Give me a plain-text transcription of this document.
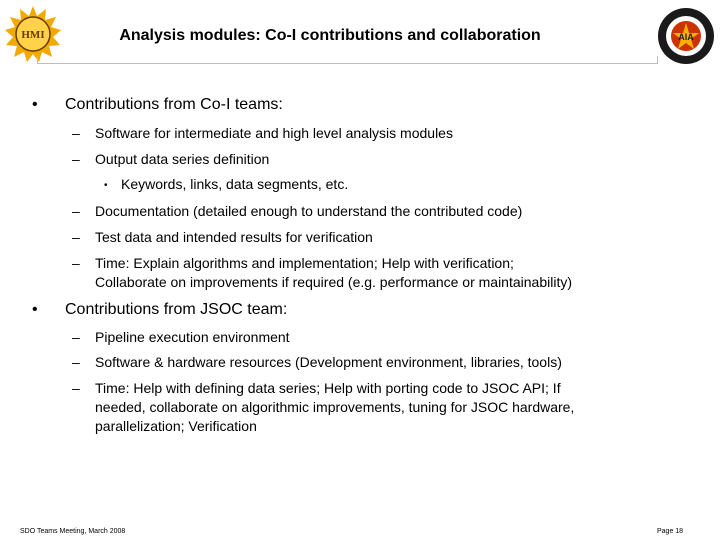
HMI	Analysis modules: Co-I contributions and collaboration	AIA
• Contributions from Co-I teams:
– Software for intermediate and high level analysis modules
– Output data series definition
• Keywords, links, data segments, etc.
– Documentation (detailed enough to understand the contributed code)
– Test data and intended results for verification
– Time: Explain algorithms and implementation; Help with verification;
Collaborate on improvements if required (e.g. performance or maintainability)
• Contributions from JSOC team:
– Pipeline execution environment
– Software & hardware resources (Development environment, libraries, tools)
– Time: Help with defining data series; Help with porting code to JSOC API; If
needed, collaborate on algorithmic improvements, tuning for JSOC hardware,
parallelization; Verification
SDO Teams Meeting, March 2008	Page 18
